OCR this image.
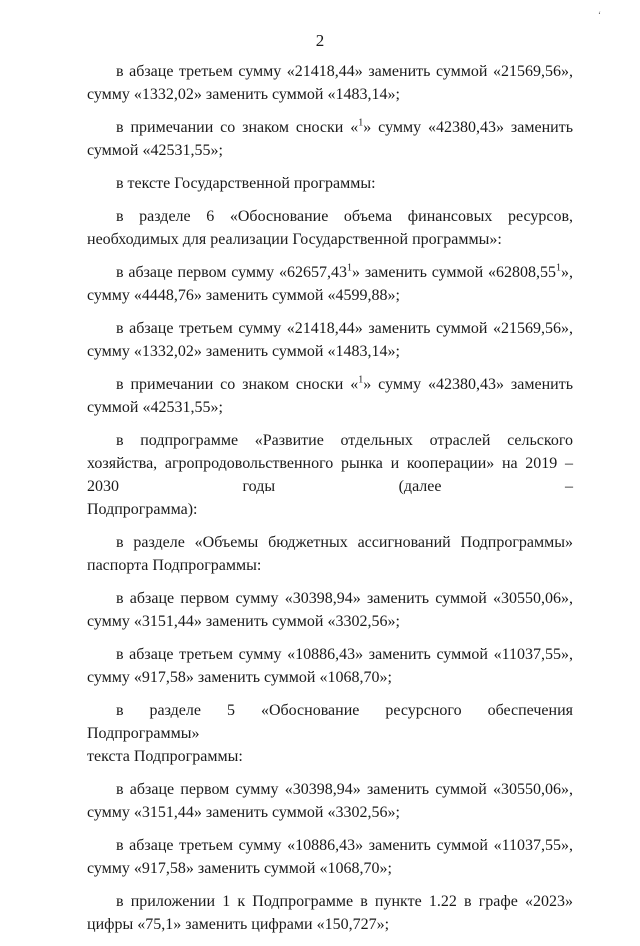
2

в абзаце третьем сумму «21418,44» заменить суммой «21569,56»,
сумму «1332,02» заменить суммой «1483,14»;

в примечании со знаком сноски «$^1$» сумму «42380,43» заменить
суммой «42531,55»;

в тексте Государственной программы:

в разделе 6 «Обоснование объема финансовых ресурсов,
необходимых для реализации Государственной программы»:

в абзаце первом сумму «62657,43$^1$» заменить суммой «62808,55$^1$»,
сумму «4448,76» заменить суммой «4599,88»;

в абзаце третьем сумму «21418,44» заменить суммой «21569,56»,
сумму «1332,02» заменить суммой «1483,14»;

в примечании со знаком сноски «$^1$» сумму «42380,43» заменить
суммой «42531,55»;

в подпрограмме «Развитие отдельных отраслей сельского хозяйства, агропродовольственного рынка и кооперации» на 2019 – 2030 годы (далее –
Подпрограмма):

в разделе «Объемы бюджетных ассигнований Подпрограммы»
паспорта Подпрограммы:

в абзаце первом сумму «30398,94» заменить суммой «30550,06»,
сумму «3151,44» заменить суммой «3302,56»;

в абзаце третьем сумму «10886,43» заменить суммой «11037,55»,
сумму «917,58» заменить суммой «1068,70»;

в разделе 5 «Обоснование ресурсного обеспечения Подпрограммы»
текста Подпрограммы:

в абзаце первом сумму «30398,94» заменить суммой «30550,06»,
сумму «3151,44» заменить суммой «3302,56»;

в абзаце третьем сумму «10886,43» заменить суммой «11037,55»,
сумму «917,58» заменить суммой «1068,70»;

в приложении 1 к Подпрограмме в пункте 1.22 в графе «2023»
цифры «75,1» заменить цифрами «150,727»;

‘
